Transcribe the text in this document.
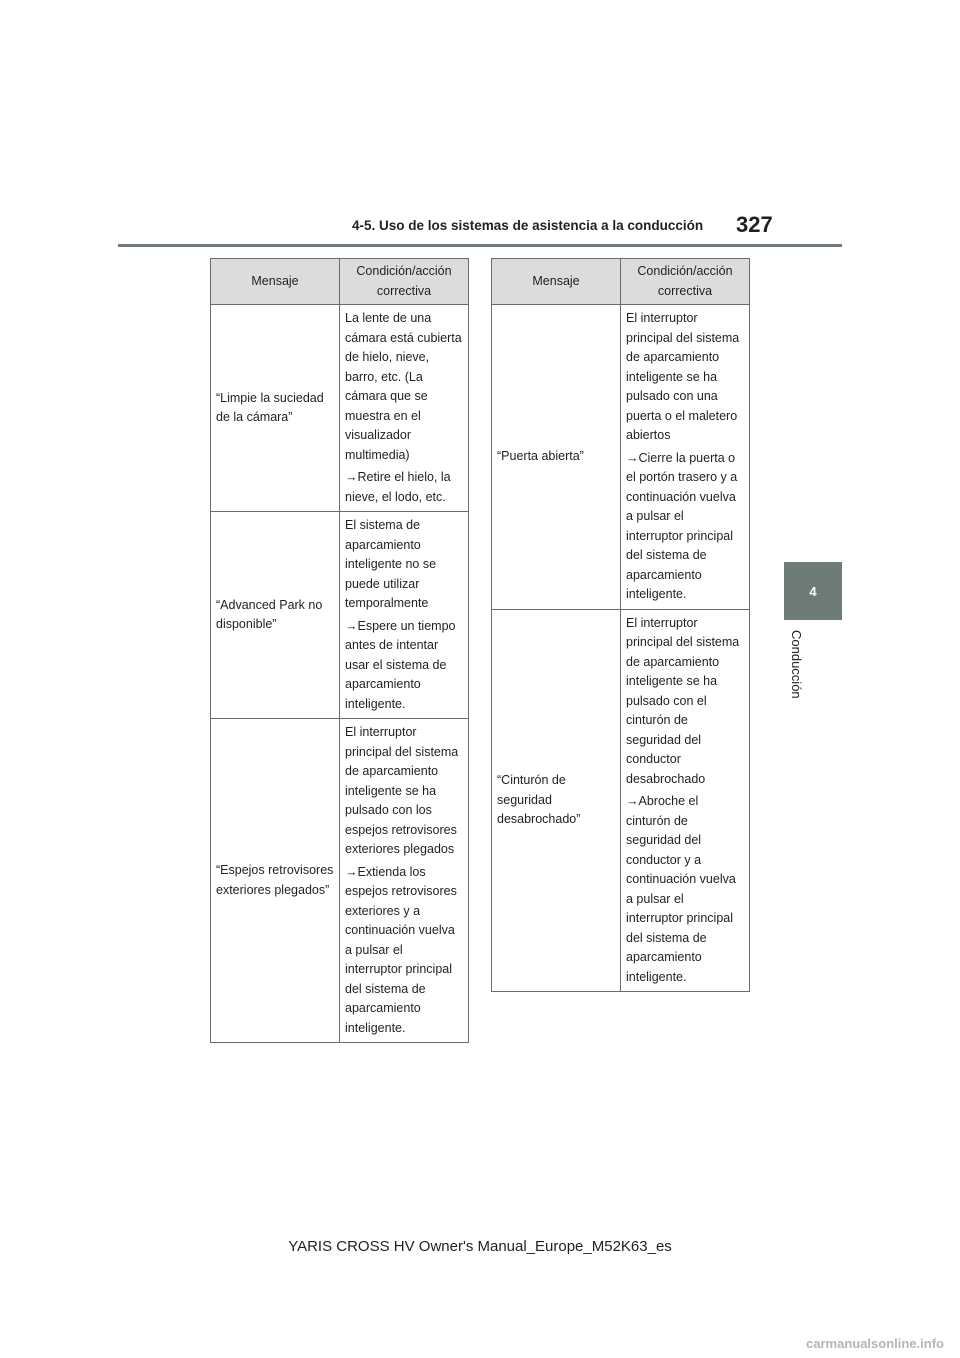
4-5. Uso de los sistemas de asistencia a la conducción 327
4
Conducción
Mensaje	Condición/acción correctiva
“Limpie la suciedad de la cámara”	La lente de una cámara está cubierta de hielo, nieve, barro, etc. (La cámara que se muestra en el visualizador multimedia)

→Retire el hielo, la nieve, el lodo, etc.

“Advanced Park no disponible”	El sistema de aparcamiento inteligente no se puede utilizar temporalmente

→Espere un tiempo antes de intentar usar el sistema de aparcamiento inteligente.

“Espejos retrovisores exteriores plegados”	El interruptor principal del sistema de aparcamiento inteligente se ha pulsado con los espejos retrovisores exteriores plegados

→Extienda los espejos retrovisores exteriores y a continuación vuelva a pulsar el interruptor principal del sistema de aparcamiento inteligente.

Mensaje	Condición/acción correctiva
“Puerta abierta”	El interruptor principal del sistema de aparcamiento inteligente se ha pulsado con una puerta o el maletero abiertos

→Cierre la puerta o el portón trasero y a continuación vuelva a pulsar el interruptor principal del sistema de aparcamiento inteligente.

“Cinturón de seguridad desabrochado”	El interruptor principal del sistema de aparcamiento inteligente se ha pulsado con el cinturón de seguridad del conductor desabrochado

→Abroche el cinturón de seguridad del conductor y a continuación vuelva a pulsar el interruptor principal del sistema de aparcamiento inteligente.

YARIS CROSS HV Owner's Manual_Europe_M52K63_es
carmanualsonline.info
